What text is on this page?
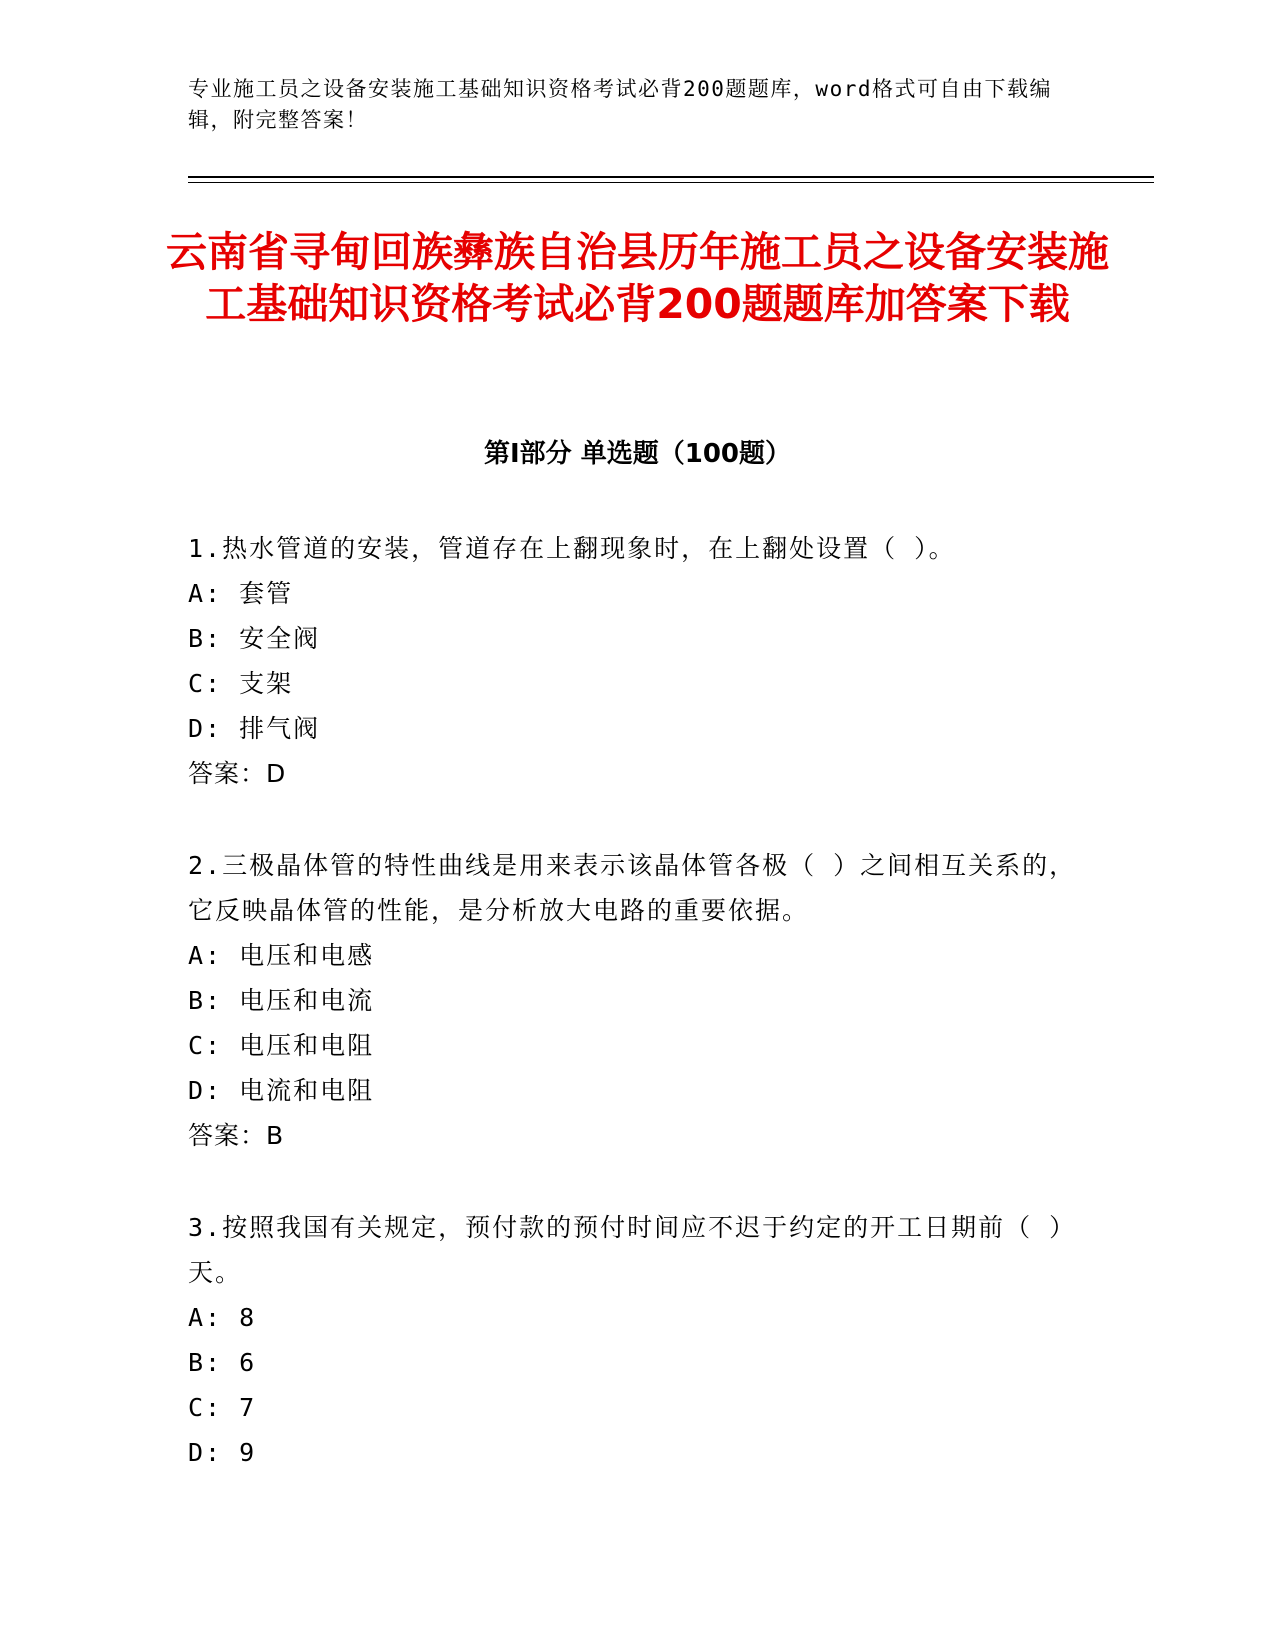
专业施工员之设备安装施工基础知识资格考试必背200题题库，word格式可自由下载编辑，附完整答案！
云南省寻甸回族彝族自治县历年施工员之设备安装施工基础知识资格考试必背200题题库加答案下载
第Ⅰ部分 单选题（100题）
1.热水管道的安装，管道存在上翻现象时，在上翻处设置（ ）。
A: 套管
B: 安全阀
C: 支架
D: 排气阀
答案：D
2.三极晶体管的特性曲线是用来表示该晶体管各极（ ）之间相互关系的，它反映晶体管的性能，是分析放大电路的重要依据。
A: 电压和电感
B: 电压和电流
C: 电压和电阻
D: 电流和电阻
答案：B
3.按照我国有关规定，预付款的预付时间应不迟于约定的开工日期前（ ）天。
A: 8
B: 6
C: 7
D: 9
